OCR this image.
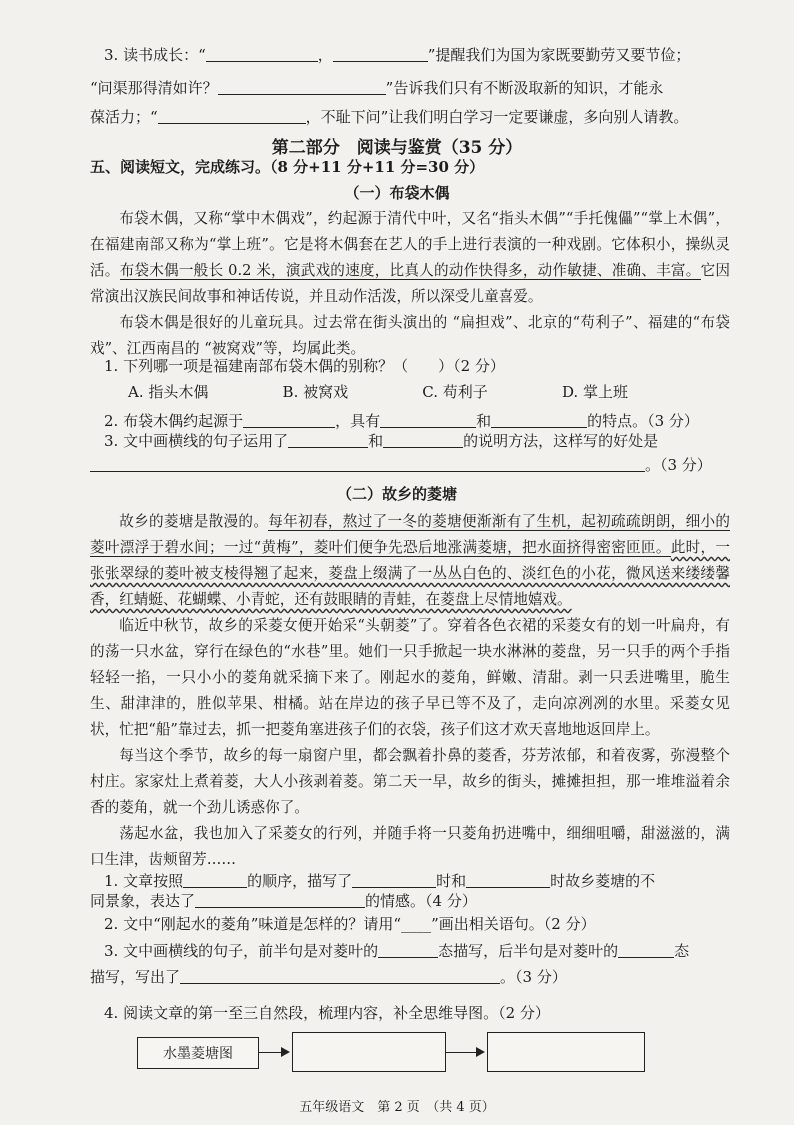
3. 读书成长：“	，	”提醒我们为国为家既要勤劳又要节俭；
“问渠那得清如许？	”告诉我们只有不断汲取新的知识，才能永
葆活力；“	，不耻下问”让我们明白学习一定要谦虚，多向别人请教。
第二部分　阅读与鉴赏（35 分）
五、阅读短文，完成练习。（8 分+11 分+11 分=30 分）
（一）布袋木偶

布袋木偶，又称“掌中木偶戏”，约起源于清代中叶，又名“指头木偶”“手托傀儡”“掌上木偶”，在福建南部又称为“掌上班”。它是将木偶套在艺人的手上进行表演的一种戏剧。它体积小，操纵灵活。布袋木偶一般长 0.2 米，演武戏的速度，比真人的动作快得多，动作敏捷、准确、丰富。它因常演出汉族民间故事和神话传说，并且动作活泼，所以深受儿童喜爱。

布袋木偶是很好的儿童玩具。过去常在街头演出的 “扁担戏”、北京的“苟利子”、福建的“布袋戏”、江西南昌的 “被窝戏”等，均属此类。

1. 下列哪一项是福建南部布袋木偶的别称？（　　）（2 分）
A. 指头木偶	B. 被窝戏	C. 苟利子	D. 掌上班
2. 布袋木偶约起源于	，具有	和	的特点。（3 分）
3. 文中画横线的句子运用了	和	的说明方法，这样写的好处是
。（3 分）
（二）故乡的菱塘

故乡的菱塘是散漫的。每年初春，熬过了一冬的菱塘便渐渐有了生机，起初疏疏朗朗，细小的菱叶漂浮于碧水间；一过“黄梅”，菱叶们便争先恐后地涨满菱塘，把水面挤得密密匝匝。此时，一张张翠绿的菱叶被支棱得翘了起来，菱盘上缀满了一丛丛白色的、淡红色的小花，微风送来缕缕馨香，红蜻蜓、花蝴蝶、小青蛇，还有鼓眼睛的青蛙，在菱盘上尽情地嬉戏。

临近中秋节，故乡的采菱女便开始采“头朝菱”了。穿着各色衣裙的采菱女有的划一叶扁舟，有的荡一只水盆，穿行在绿色的“水巷”里。她们一只手掀起一块水淋淋的菱盘，另一只手的两个手指轻轻一掐，一只小小的菱角就采摘下来了。刚起水的菱角，鲜嫩、清甜。剥一只丢进嘴里，脆生生、甜津津的，胜似苹果、柑橘。站在岸边的孩子早已等不及了，走向凉冽冽的水里。采菱女见状，忙把“船”靠过去，抓一把菱角塞进孩子们的衣袋，孩子们这才欢天喜地地返回岸上。

每当这个季节，故乡的每一扇窗户里，都会飘着扑鼻的菱香，芬芳浓郁，和着夜雾，弥漫整个村庄。家家灶上煮着菱，大人小孩剥着菱。第二天一早，故乡的街头，摊摊担担，那一堆堆溢着余香的菱角，就一个劲儿诱惑你了。

荡起水盆，我也加入了采菱女的行列，并随手将一只菱角扔进嘴中，细细咀嚼，甜滋滋的，满口生津，齿颊留芳……

1. 文章按照	的顺序，描写了	时和	时故乡菱塘的不
同景象，表达了	的情感。（4 分）
2. 文中“刚起水的菱角”味道是怎样的？请用“____”画出相关语句。（2 分）
3. 文中画横线的句子，前半句是对菱叶的	态描写，后半句是对菱叶的	态
描写，写出了	。（3 分）
4. 阅读文章的第一至三自然段，梳理内容，补全思维导图。（2 分）
水墨菱塘图
五年级语文　第 2 页　（共 4 页）
